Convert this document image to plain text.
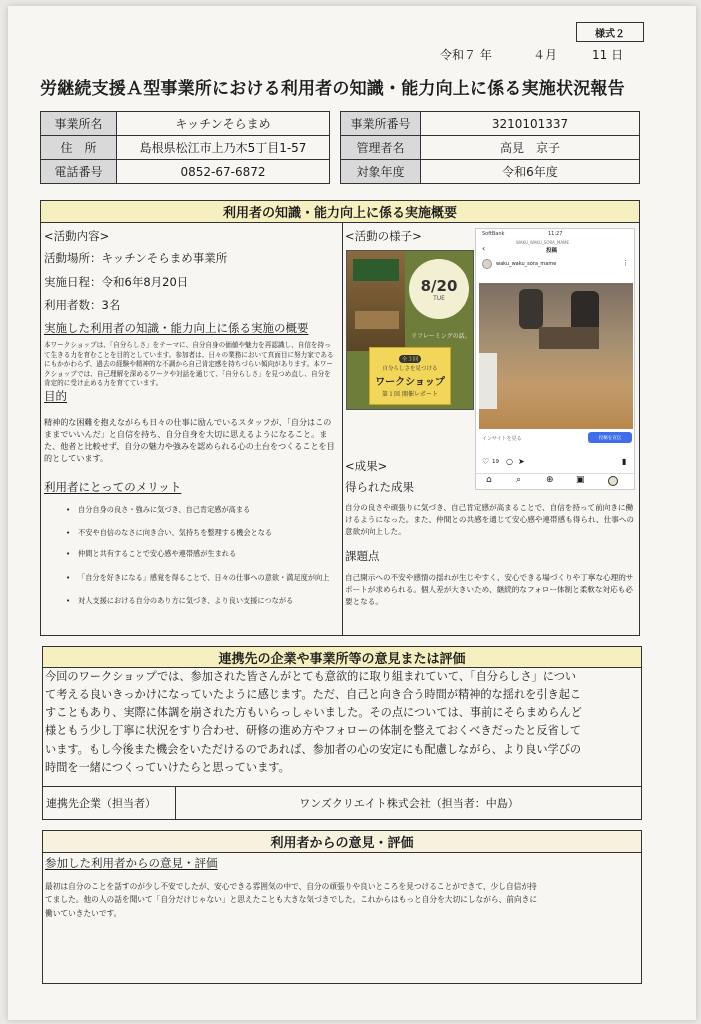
様式２
令和７ 年	４月	11 日
労継続支援Ａ型事業所における利用者の知識・能力向上に係る実施状況報告
事業所名	キッチンそらまめ
住　所	島根県松江市上乃木5丁目1-57
電話番号	0852-67-6872
事業所番号	3210101337
管理者名	高見　京子
対象年度	令和6年度
利用者の知識・能力向上に係る実施概要
<活動内容>
活動場所：キッチンそらまめ事業所
実施日程：令和6年8月20日
利用者数：3名
実施した利用者の知識・能力向上に係る実施の概要
本ワークショップは、「自分らしさ」をテーマに、自分自身の価値や魅力を再認識し、自信を持って生きる力を育むことを目的としています。参加者は、日々の業務において真面目に努力家であるにもかかわらず、過去の経験や精神的な不調から自己肯定感を持ちづらい傾向があります。本ワークショップでは、自己理解を深めるワークや対話を通じて、「自分らしさ」を見つめ直し、自分を肯定的に受け止める力を育てています。
目的
精神的な困難を抱えながらも日々の仕事に励んでいるスタッフが、「自分はこのままでいいんだ」と自信を持ち、自分自身を大切に思えるようになること。また、他者と比較せず、自分の魅力や強みを認められる心の土台をつくることを目的としています。
利用者にとってのメリット
• 自分自身の良さ・強みに気づき、自己肯定感が高まる
• 不安や自信のなさに向き合い、気持ちを整理する機会となる
• 仲間と共有することで安心感や連帯感が生まれる
• 「自分を好きになる」感覚を得ることで、日々の仕事への意欲・満足度が向上
• 対人支援における自分のあり方に気づき、より良い支援につながる
<活動の様子>
8/20
TUE
リフレーミングの話。
全３回
自分らしさを見つける
ワークショップ
第１回 開催レポート
SoftBank	11:27
WAKU_WAKU_SORA_MAME
‹	投稿
waku_waku_sora_mame	⋮
インサイトを見る	投稿を宣伝
♡ 19 ○ ➤	▮
⌂	⌕	⊕ ▣
<成果>
得られた成果
自分の良さや頑張りに気づき、自己肯定感が高まることで、自信を持って前向きに働けるようになった。また、仲間との共感を通じて安心感や連帯感も得られ、仕事への意欲が向上した。
課題点
自己開示への不安や感情の揺れが生じやすく、安心できる場づくりや丁寧な心理的サポートが求められる。個人差が大きいため、継続的なフォロー体制と柔軟な対応も必要となる。
連携先の企業や事業所等の意見または評価
今回のワークショップでは、参加された皆さんがとても意欲的に取り組まれていて、「自分らしさ」につい
て考える良いきっかけになっていたように感じます。ただ、自己と向き合う時間が精神的な揺れを引き起こ
すこともあり、実際に体調を崩された方もいらっしゃいました。その点については、事前にそらまめらんど
様ともう少し丁寧に状況をすり合わせ、研修の進め方やフォローの体制を整えておくべきだったと反省して
います。もし今後また機会をいただけるのであれば、参加者の心の安定にも配慮しながら、より良い学びの
時間を一緒につくっていけたらと思っています。
連携先企業（担当者）	ワンズクリエイト株式会社（担当者：中島）
利用者からの意見・評価
参加した利用者からの意見・評価
最初は自分のことを話すのが少し不安でしたが、安心できる雰囲気の中で、自分の頑張りや良いところを見つけることができて、少し自信が持
てました。他の人の話を聞いて「自分だけじゃない」と思えたことも大きな気づきでした。これからはもっと自分を大切にしながら、前向きに
働いていきたいです。
